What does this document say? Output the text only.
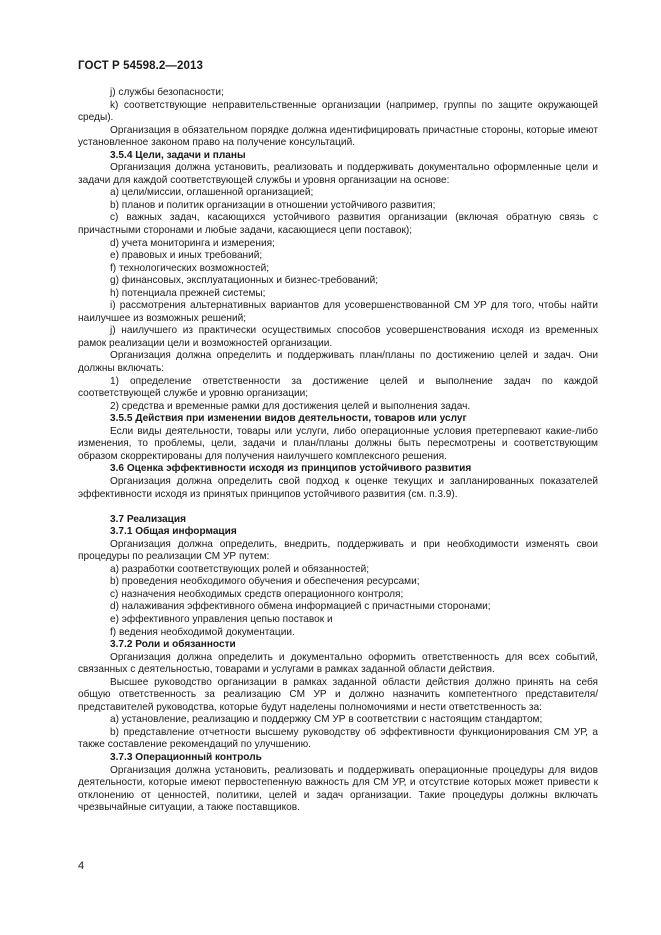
ГОСТ Р 54598.2—2013

j) службы безопасности;

k) соответствующие неправительственные организации (например, группы по защите окружающей среды).

Организация в обязательном порядке должна идентифицировать причастные стороны, которые имеют установленное законом право на получение консультаций.

3.5.4 Цели, задачи и планы

Организация должна установить, реализовать и поддерживать документально оформленные цели и задачи для каждой соответствующей службы и уровня организации на основе:

a) цели/миссии, оглашенной организацией;

b) планов и политик организации в отношении устойчивого развития;

c) важных задач, касающихся устойчивого развития организации (включая обратную связь с причастными сторонами и любые задачи, касающиеся цепи поставок);

d) учета мониторинга и измерения;

e) правовых и иных требований;

f) технологических возможностей;

g) финансовых, эксплуатационных и бизнес-требований;

h) потенциала прежней системы;

i) рассмотрения альтернативных вариантов для усовершенствованной СМ УР для того, чтобы найти наилучшее из возможных решений;

j) наилучшего из практически осуществимых способов усовершенствования исходя из временных рамок реализации цели и возможностей организации.

Организация должна определить и поддерживать план/планы по достижению целей и задач. Они должны включать:

1) определение ответственности за достижение целей и выполнение задач по каждой соответствующей службе и уровню организации;

2) средства и временные рамки для достижения целей и выполнения задач.

3.5.5 Действия при изменении видов деятельности, товаров или услуг

Если виды деятельности, товары или услуги, либо операционные условия претерпевают какие-либо изменения, то проблемы, цели, задачи и план/планы должны быть пересмотрены и соответствующим образом скорректированы для получения наилучшего комплексного решения.

3.6 Оценка эффективности исходя из принципов устойчивого развития

Организация должна определить свой подход к оценке текущих и запланированных показателей эффективности исходя из принятых принципов устойчивого развития (см. п.3.9).

3.7 Реализация

3.7.1 Общая информация

Организация должна определить, внедрить, поддерживать и при необходимости изменять свои процедуры по реализации СМ УР путем:

a) разработки соответствующих ролей и обязанностей;

b) проведения необходимого обучения и обеспечения ресурсами;

c) назначения необходимых средств операционного контроля;

d) налаживания эффективного обмена информацией с причастными сторонами;

e) эффективного управления цепью поставок и

f) ведения необходимой документации.

3.7.2 Роли и обязанности

Организация должна определить и документально оформить ответственность для всех событий, связанных с деятельностью, товарами и услугами в рамках заданной области действия.

Высшее руководство организации в рамках заданной области действия должно принять на себя общую ответственность за реализацию СМ УР и должно назначить компетентного представителя/представителей руководства, которые будут наделены полномочиями и нести ответственность за:

a) установление, реализацию и поддержку СМ УР в соответствии с настоящим стандартом;

b) представление отчетности высшему руководству об эффективности функционирования СМ УР, а также составление рекомендаций по улучшению.

3.7.3 Операционный контроль

Организация должна установить, реализовать и поддерживать операционные процедуры для видов деятельности, которые имеют первостепенную важность для СМ УР, и отсутствие которых может привести к отклонению от ценностей, политики, целей и задач организации. Такие процедуры должны включать чрезвычайные ситуации, а также поставщиков.

4
